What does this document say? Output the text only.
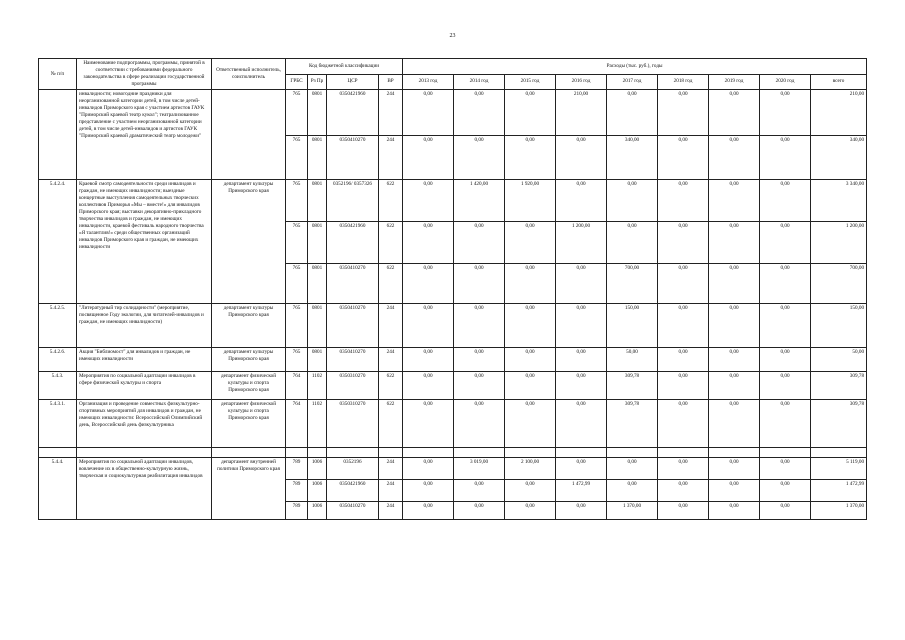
23
№ п/п	Наименование подпрограммы, программы, принятой в соответствии с требованиями федерального законодательства в сфере реализации государственной программы	Ответственный исполнитель, соисполнитель	Код бюджетной классификации				Расходы (тыс. руб.), годы								
			ГРБС	Рз Пр	ЦСР	ВР	2013 год	2014 год	2015 год	2016 год	2017 год	2018 год	2019 год	2020 год	всего
	инвалидности; новогодние праздники для неорганизованной категории детей, в том числе детей-инвалидов Приморского края с участием артистов ГАУК "Приморский краевой театр кукол"; театрализованное представление с участием неорганизованной категории детей, в том числе детей-инвалидов и артистов ГАУК "Приморский краевой драматический театр молодежи"		765	0801	0350421960	244	0,00	0,00	0,00	210,00	0,00	0,00	0,00	0,00	210,00
			765	0801	0350410270	244	0,00	0,00	0,00	0,00	340,00	0,00	0,00	0,00	340,00
5.4.2.4.	Краевой смотр самодеятельности среди инвалидов и граждан, не имеющих инвалидности; выездные концертные выступления самодеятельных творческих коллективов Приморья «Мы – вместе!» для инвалидов Приморского края; выставки декоративно-прикладного творчества инвалидов и граждан, не имеющих инвалидности, краевой фестиваль народного творчества «Я талантлив!» среди общественных организаций инвалидов Приморского края и граждан, не имеющих инвалидности	департамент культуры Приморского края	765	0801	0352196/ 0357326	622	0,00	1 420,00	1 920,00	0,00	0,00	0,00	0,00	0,00	3 340,00
			765	0801	0350421960	622	0,00	0,00	0,00	1 200,00	0,00	0,00	0,00	0,00	1 200,00
			765	0801	0350410270	622	0,00	0,00	0,00	0,00	700,00	0,00	0,00	0,00	700,00
5.4.2.5.	"Литературный тир солидарности" (мероприятие, посвященное Году экологии, для читателей-инвалидов и граждан, не имеющих инвалидности)	департамент культуры Приморского края	765	0801	0350410270	244	0,00	0,00	0,00	0,00	150,00	0,00	0,00	0,00	150,00
5.4.2.6.	Акция "Библиомост" для инвалидов и граждан, не имеющих инвалидности	департамент культуры Приморского края	765	0801	0350410270	244	0,00	0,00	0,00	0,00	50,00	0,00	0,00	0,00	50,00
5.4.3.	Мероприятия по социальной адаптации инвалидов в сфере физической культуры и спорта	департамент физической культуры и спорта Приморского края	764	1102	0350310270	622	0,00	0,00	0,00	0,00	309,78	0,00	0,00	0,00	309,78
5.4.3.1.	Организация и проведение совместных физкультурно-спортивных мероприятий для инвалидов и граждан, не имеющих инвалидности: Всероссийский Олимпийский день, Всероссийский день физкультурника	департамент физической культуры и спорта Приморского края	764	1102	0350310270	622	0,00	0,00	0,00	0,00	309,78	0,00	0,00	0,00	309,78

5.4.4.	Мероприятия по социальной адаптации инвалидов, вовлечение их в общественно-культурную жизнь, творческая и социокультурная реабилитация инвалидов	департамент внутренней политики Приморского края	789	1006	0352196	244	0,00	3 019,00	2 100,00	0,00	0,00	0,00	0,00	0,00	5 119,00
			789	1006	0350421960	244	0,00	0,00	0,00	1 472,99	0,00	0,00	0,00	0,00	1 472,99
			789	1006	0350410270	244	0,00	0,00	0,00	0,00	1 370,00	0,00	0,00	0,00	1 370,00
